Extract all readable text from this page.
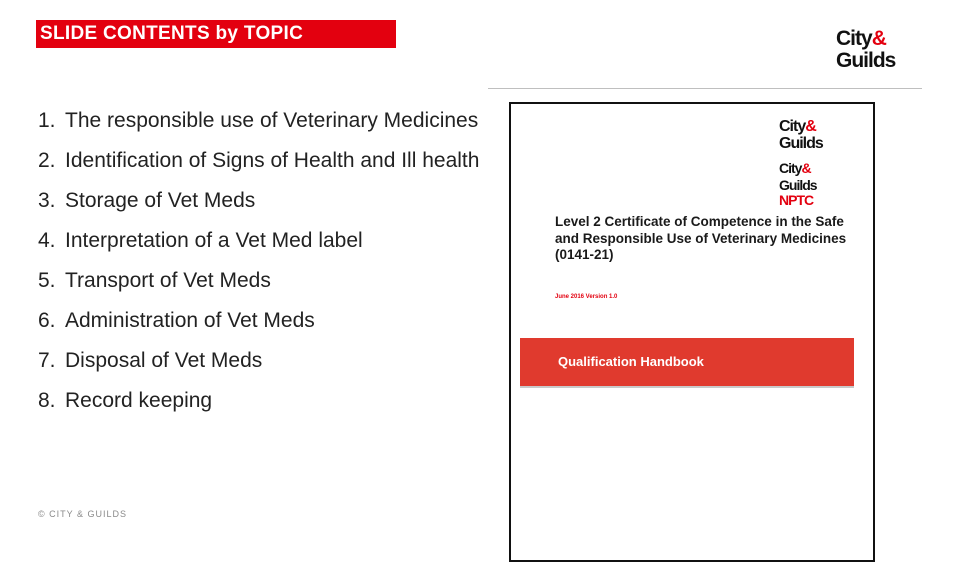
SLIDE CONTENTS by TOPIC	City&
Guilds
1. The responsible use of Veterinary Medicines
2. Identification of Signs of Health and Ill health
3. Storage of Vet Meds
4. Interpretation of a Vet Med label
5. Transport of Vet Meds
6. Administration of Vet Meds
7. Disposal of Vet Meds
8. Record keeping
© CITY & GUILDS
City&
Guilds
City&
Guilds
NPTC
Level 2 Certificate of Competence in the Safe and Responsible Use of Veterinary Medicines (0141-21)
June 2016 Version 1.0
Qualification Handbook
